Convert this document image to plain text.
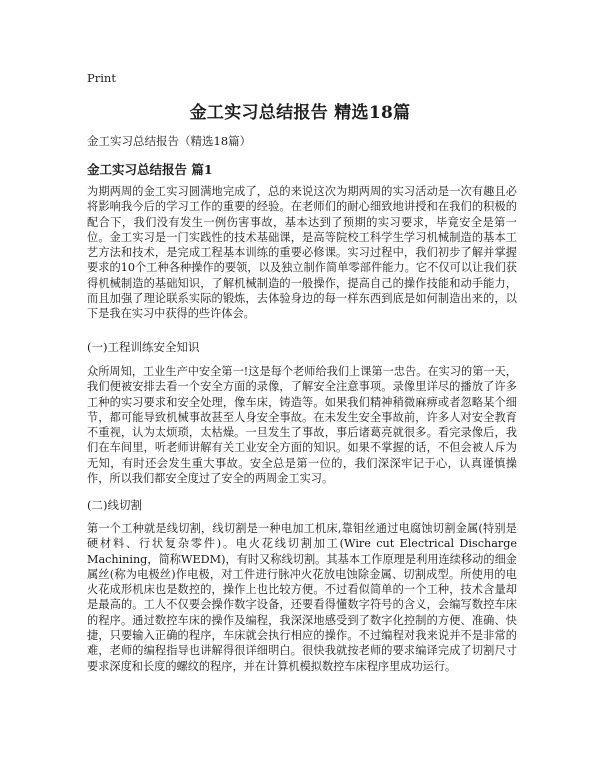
Print
金工实习总结报告 精选18篇
金工实习总结报告（精选18篇）
金工实习总结报告 篇1
为期两周的金工实习圆满地完成了，总的来说这次为期两周的实习活动是一次有趣且必将影响我今后的学习工作的重要的经验。在老师们的耐心细致地讲授和在我们的积极的配合下，我们没有发生一例伤害事故，基本达到了预期的实习要求，毕竟安全是第一位。金工实习是一门实践性的技术基础课，是高等院校工科学生学习机械制造的基本工艺方法和技术，是完成工程基本训练的重要必修课。实习过程中，我们初步了解并掌握要求的10个工种各种操作的要领，以及独立制作简单零部件能力。它不仅可以让我们获得机械制造的基础知识，了解机械制造的一般操作，提高自己的操作技能和动手能力，而且加强了理论联系实际的锻炼，去体验身边的每一样东西到底是如何制造出来的，以下是我在实习中获得的些许体会。
(一)工程训练安全知识
众所周知，工业生产中安全第一!这是每个老师给我们上课第一忠告。在实习的第一天，我们便被安排去看一个安全方面的录像，了解安全注意事项。录像里详尽的播放了许多工种的实习要求和安全处理，像车床，铸造等。如果我们精神稍微麻痹或者忽略某个细节，都可能导致机械事故甚至人身安全事故。在未发生安全事故前，许多人对安全教育不重视，认为太烦琐，太枯燥。一旦发生了事故，事后诸葛亮就很多。看完录像后，我们在车间里，听老师讲解有关工业安全方面的知识。如果不掌握的话，不但会被人斥为无知，有时还会发生重大事故。安全总是第一位的，我们深深牢记于心，认真谨慎操作，所以我们都安全度过了安全的两周金工实习。
(二)线切割
第一个工种就是线切割，线切割是一种电加工机床,靠钼丝通过电腐蚀切割金属(特别是硬材料、行状复杂零件)。电火花线切割加工(Wire cut Electrical Discharge Machining，简称WEDM)，有时又称线切割。其基本工作原理是利用连续移动的细金属丝(称为电极丝)作电极，对工件进行脉冲火花放电蚀除金属、切割成型。所使用的电火花成形机床也是数控的，操作上也比较方便。不过看似简单的一个工种，技术含量却是最高的。工人不仅要会操作数字设备，还要看得懂数字符号的含义，会编写数控车床的程序。通过数控车床的操作及编程，我深深地感受到了数字化控制的方便、准确、快捷，只要输入正确的程序，车床就会执行相应的操作。不过编程对我来说并不是非常的难，老师的编程指导也讲解得很详细明白。很快我就按老师的要求编译完成了切割尺寸要求深度和长度的螺纹的程序，并在计算机模拟数控车床程序里成功运行。
